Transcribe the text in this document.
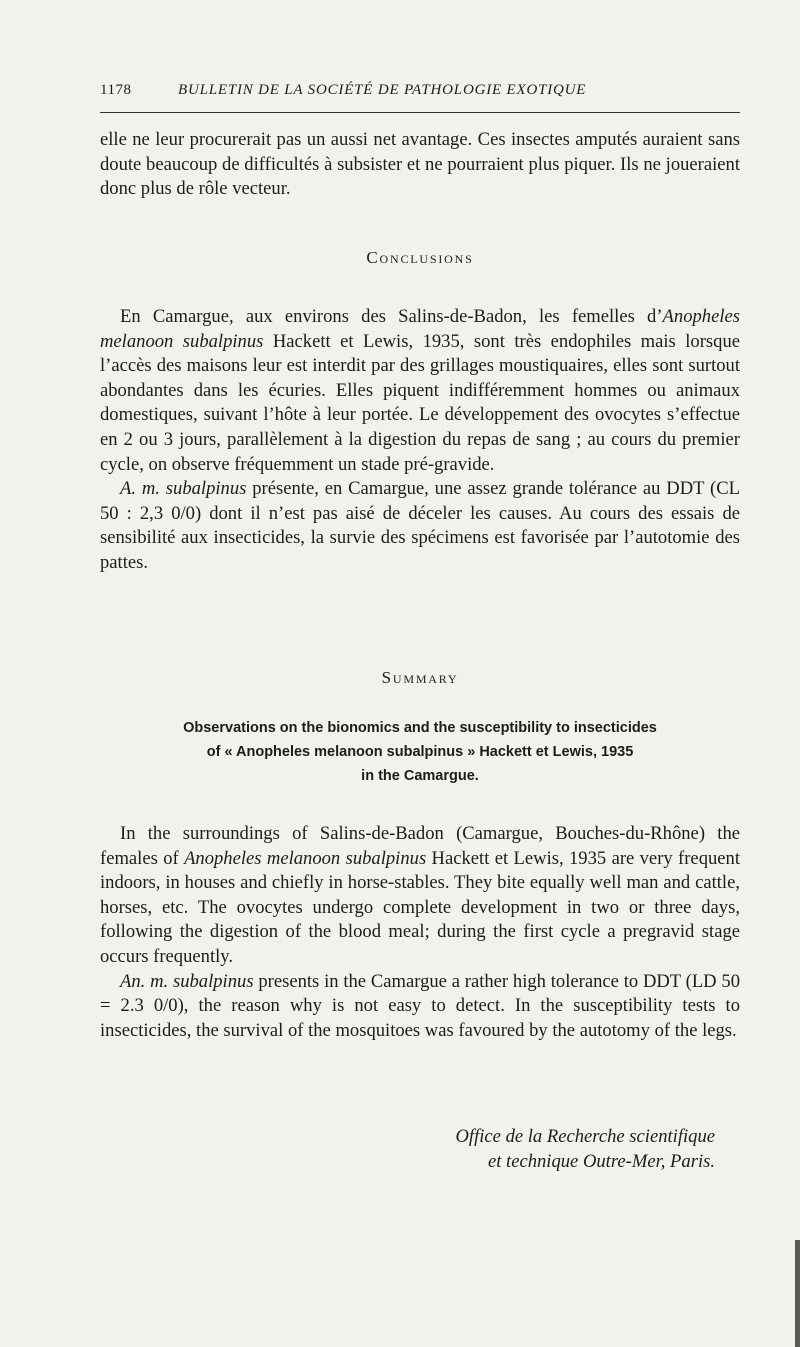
1178	BULLETIN DE LA SOCIÉTÉ DE PATHOLOGIE EXOTIQUE

elle ne leur procurerait pas un aussi net avantage. Ces insectes amputés auraient sans doute beaucoup de difficultés à subsister et ne pourraient plus piquer. Ils ne joueraient donc plus de rôle vecteur.

Conclusions

En Camargue, aux environs des Salins-de-Badon, les femelles d’Anopheles melanoon subalpinus Hackett et Lewis, 1935, sont très endophiles mais lorsque l’accès des maisons leur est interdit par des grillages moustiquaires, elles sont surtout abondantes dans les écuries. Elles piquent indifféremment hommes ou animaux domestiques, suivant l’hôte à leur portée. Le développement des ovocytes s’effectue en 2 ou 3 jours, parallèlement à la digestion du repas de sang ; au cours du premier cycle, on observe fréquemment un stade pré-gravide.

A. m. subalpinus présente, en Camargue, une assez grande tolérance au DDT (CL 50 : 2,3 0/0) dont il n’est pas aisé de déceler les causes. Au cours des essais de sensibilité aux insecticides, la survie des spécimens est favorisée par l’autotomie des pattes.

Summary
Observations on the bionomics and the susceptibility to insecticides
of « Anopheles melanoon subalpinus » Hackett et Lewis, 1935
in the Camargue.

In the surroundings of Salins-de-Badon (Camargue, Bouches-du-Rhône) the females of Anopheles melanoon subalpinus Hackett et Lewis, 1935 are very frequent indoors, in houses and chiefly in horse-stables. They bite equally well man and cattle, horses, etc. The ovocytes undergo complete development in two or three days, following the digestion of the blood meal; during the first cycle a pregravid stage occurs frequently.

An. m. subalpinus presents in the Camargue a rather high tolerance to DDT (LD 50 = 2.3 0/0), the reason why is not easy to detect. In the susceptibility tests to insecticides, the survival of the mosquitoes was favoured by the autotomy of the legs.

Office de la Recherche scientifique
et technique Outre-Mer, Paris.
